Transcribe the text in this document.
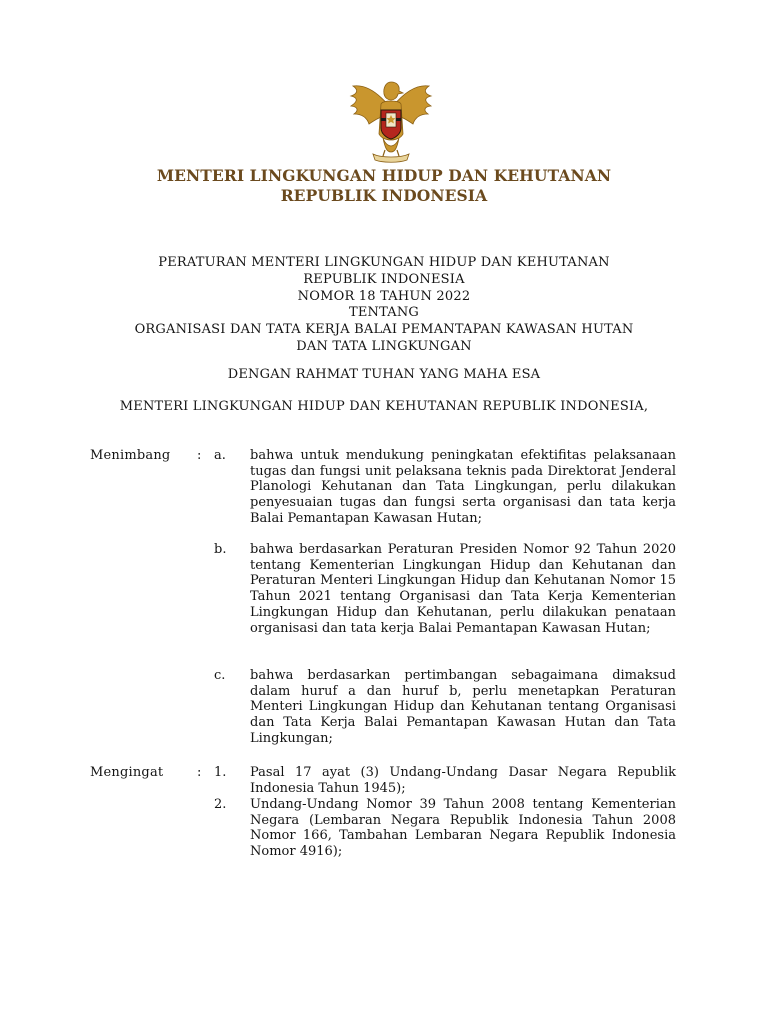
MENTERI LINGKUNGAN HIDUP DAN KEHUTANAN
REPUBLIK INDONESIA
PERATURAN MENTERI LINGKUNGAN HIDUP DAN KEHUTANAN
REPUBLIK INDONESIA
NOMOR 18 TAHUN 2022
TENTANG
ORGANISASI DAN TATA KERJA BALAI PEMANTAPAN KAWASAN HUTAN
DAN TATA LINGKUNGAN
DENGAN RAHMAT TUHAN YANG MAHA ESA
MENTERI LINGKUNGAN HIDUP DAN KEHUTANAN REPUBLIK INDONESIA,
Menimbang : a. bahwa untuk mendukung peningkatan efektifitas pelaksanaan tugas dan fungsi unit pelaksana teknis pada Direktorat Jenderal Planologi Kehutanan dan Tata Lingkungan, perlu dilakukan penyesuaian tugas dan fungsi serta organisasi dan tata kerja Balai Pemantapan Kawasan Hutan;
b. bahwa berdasarkan Peraturan Presiden Nomor 92 Tahun 2020 tentang Kementerian Lingkungan Hidup dan Kehutanan dan Peraturan Menteri Lingkungan Hidup dan Kehutanan Nomor 15 Tahun 2021 tentang Organisasi dan Tata Kerja Kementerian Lingkungan Hidup dan Kehutanan, perlu dilakukan penataan organisasi dan tata kerja Balai Pemantapan Kawasan Hutan;
c. bahwa berdasarkan pertimbangan sebagaimana dimaksud dalam huruf a dan huruf b, perlu menetapkan Peraturan Menteri Lingkungan Hidup dan Kehutanan tentang Organisasi dan Tata Kerja Balai Pemantapan Kawasan Hutan dan Tata Lingkungan;
Mengingat	: 1. Pasal 17 ayat (3) Undang-Undang Dasar Negara Republik Indonesia Tahun 1945);
2. Undang-Undang Nomor 39 Tahun 2008 tentang Kementerian Negara (Lembaran Negara Republik Indonesia Tahun 2008 Nomor 166, Tambahan Lembaran Negara Republik Indonesia Nomor 4916);
